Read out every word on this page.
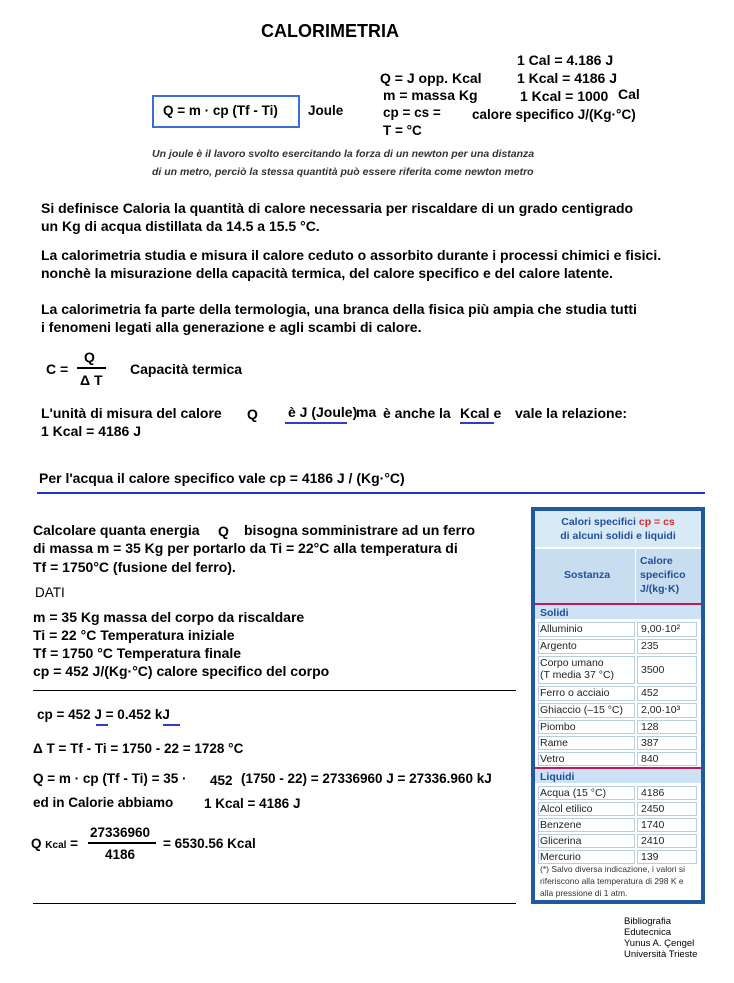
CALORIMETRIA
1 Cal = 4.186 J
Q = J opp. Kcal	1 Kcal = 4186 J
m = massa Kg	1 Kcal = 1000 Cal
Q = m · cp (Tf - Ti) Joule	cp = cs = calore specifico J/(Kg·°C)
T = °C
Un joule è il lavoro svolto esercitando la forza di un newton per una distanza
di un metro, perciò la stessa quantità può essere riferita come newton metro
Si definisce Caloria la quantità di calore necessaria per riscaldare di un grado centigrado
un Kg di acqua distillata da 14.5 a 15.5 °C.
La calorimetria studia e misura il calore ceduto o assorbito durante i processi chimici e fisici.
nonchè la misurazione della capacità termica, del calore specifico e del calore latente.
La calorimetria fa parte della termologia, una branca della fisica più ampia che studia tutti
i fenomeni legati alla generazione e agli scambi di calore.
C =
Q
Δ T
Capacità termica
L'unità di misura del calore Q è J (Joule)
ma è anche la Kcal e vale la relazione:
1 Kcal = 4186 J
Per l'acqua il calore specifico vale cp = 4186 J / (Kg·°C)
Calcolare quanta energia Q bisogna somministrare ad un ferro
di massa m = 35 Kg per portarlo da Ti = 22°C alla temperatura di
Tf = 1750°C (fusione del ferro).
DATI
m = 35 Kg massa del corpo da riscaldare
Ti = 22 °C Temperatura iniziale
Tf = 1750 °C Temperatura finale
cp = 452 J/(Kg·°C) calore specifico del corpo
cp = 452 J = 0.452 kJ
Δ T = Tf - Ti = 1750 - 22 = 1728 °C
Q = m · cp (Tf - Ti) = 35 · 452 (1750 - 22) = 27336960 J = 27336.960 kJ
ed in Calorie abbiamo 1 Kcal = 4186 J
Q Kcal =
27336960
4186
= 6530.56 Kcal
Calori specifici cp = cs
di alcuni solidi e liquidi
Sostanza
Calore
specifico
J/(kg·K)
Solidi
Alluminio	9,00·10²
Argento	235
Corpo umano
(T media 37 °C)	3500
Ferro o acciaio	452
Ghiaccio (–15 °C) 2,00·10³
Piombo	128
Rame	387
Vetro	840
Liquidi
Acqua (15 °C)	4186
Alcol etilico	2450
Benzene	1740
Glicerina	2410
Mercurio	139
(*) Salvo diversa indicazione, i valori si riferiscono alla temperatura di 298 K e alla pressione di 1 atm.
Bibliografia
Edutecnica
Yunus A. Çengel
Università Trieste
